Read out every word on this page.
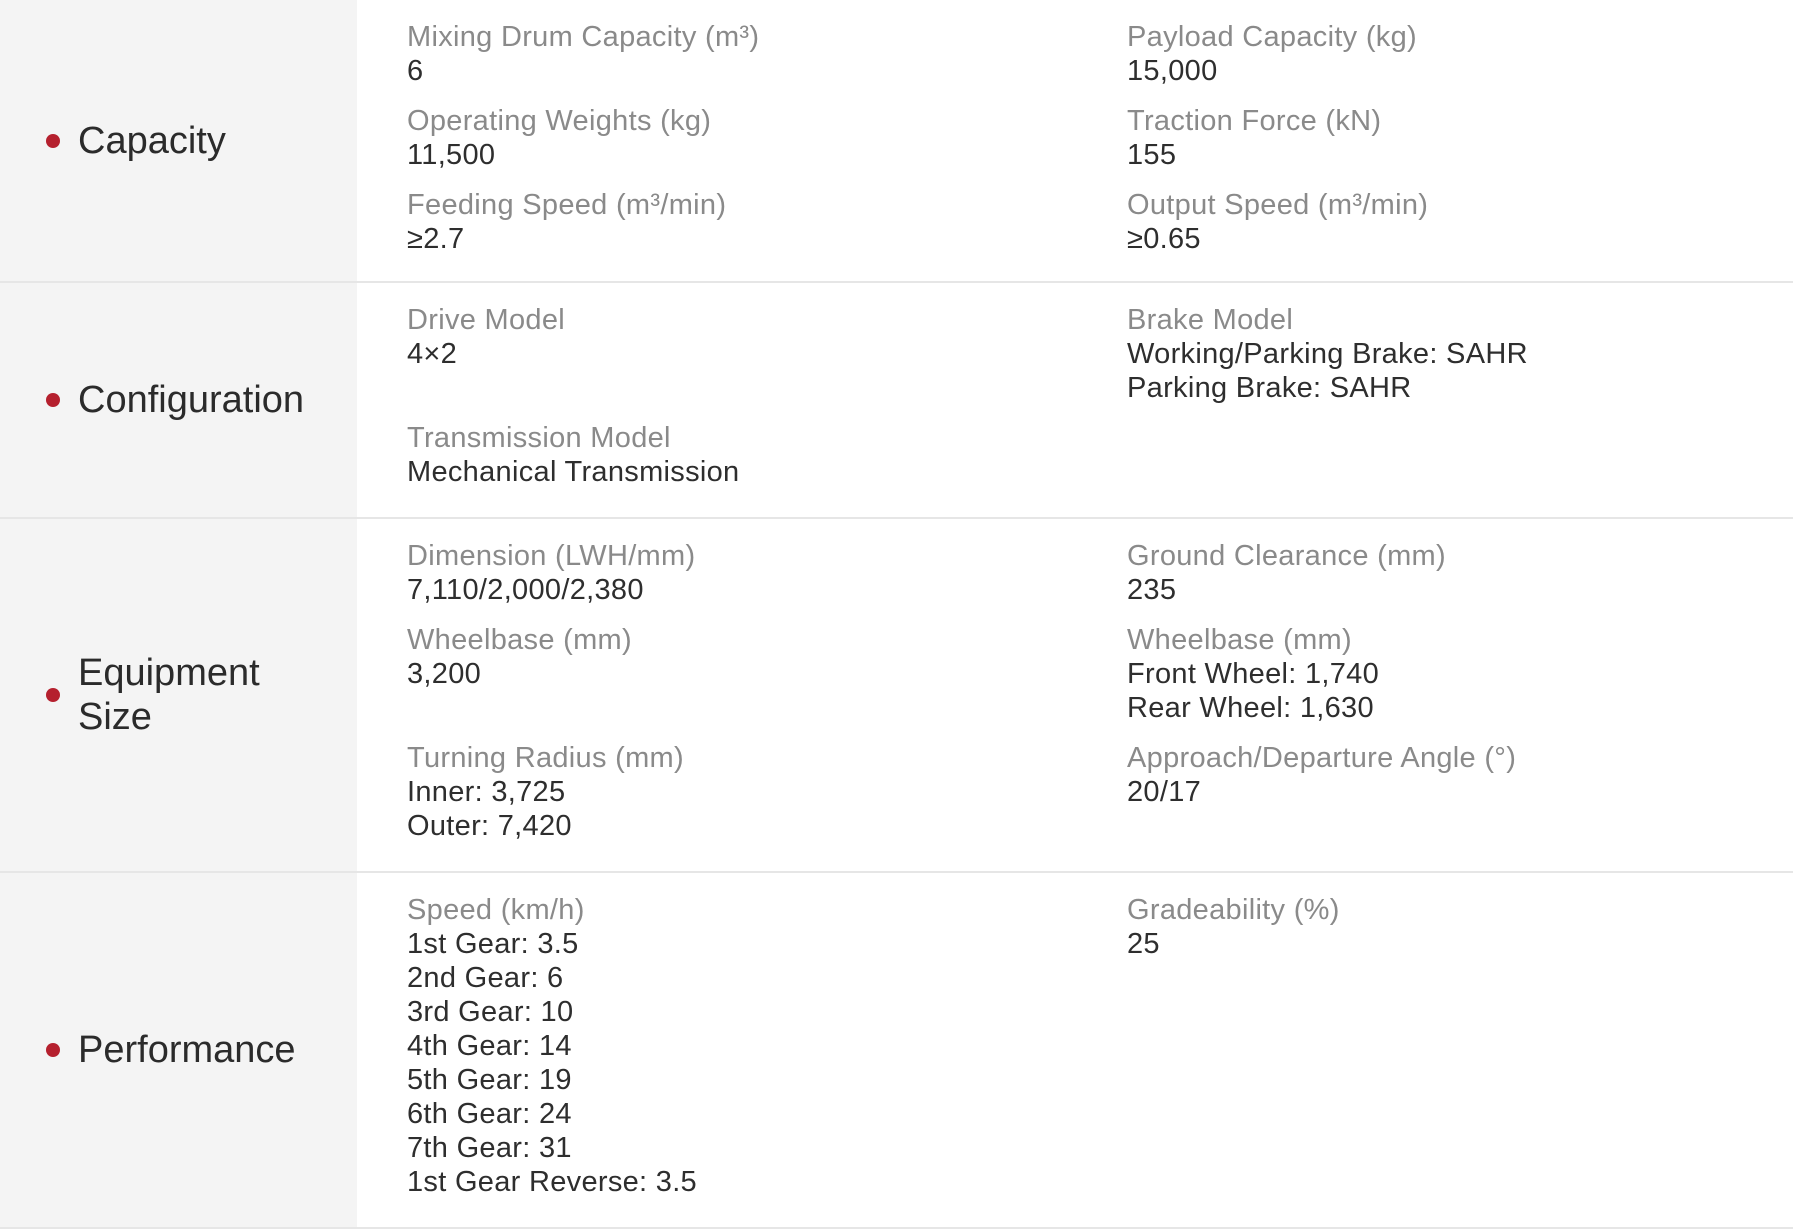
Capacity
Mixing Drum Capacity (m³)
6
Operating Weights (kg)
11,500
Feeding Speed (m³/min)
≥2.7
Payload Capacity (kg)
15,000
Traction Force (kN)
155
Output Speed (m³/min)
≥0.65
Configuration
Drive Model
4×2

Transmission Model
Mechanical Transmission
Brake Model
Working/Parking Brake: SAHR
Parking Brake: SAHR
Equipment Size
Dimension (LWH/mm)
7,110/2,000/2,380
Wheelbase (mm)
3,200

Turning Radius (mm)
Inner: 3,725
Outer: 7,420
Ground Clearance (mm)
235
Wheelbase (mm)
Front Wheel: 1,740
Rear Wheel: 1,630
Approach/Departure Angle (°)
20/17
Performance
Speed (km/h)
1st Gear: 3.5
2nd Gear: 6
3rd Gear: 10
4th Gear: 14
5th Gear: 19
6th Gear: 24
7th Gear: 31
1st Gear Reverse: 3.5
Gradeability (%)
25
